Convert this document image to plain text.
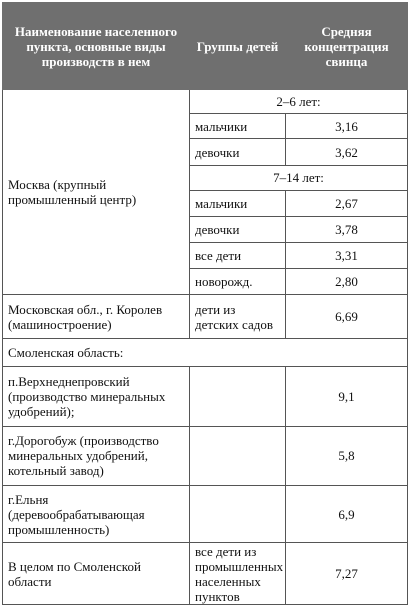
Наименование населенного пункта, основные виды производств в нем	Группы детей	Средняя концентрация свинца
Москва (крупный промышленный центр)	2–6 лет:	
	мальчики	3,16
	девочки	3,62
	7–14 лет:	
	мальчики	2,67
	девочки	3,78
	все дети	3,31
	новорожд.	2,80
Московская обл., г. Королев (машиностроение)	дети из детских садов	6,69
Смоленская область:		
п.Верхнеднепровский (производство минеральных удобрений);		9,1
г.Дорогобуж (производство минеральных удобрений, котельный завод)		5,8
г.Ельня (деревообрабатывающая промышленность)		6,9
В целом по Смоленской области	все дети из промышленных населенных пунктов	7,27
